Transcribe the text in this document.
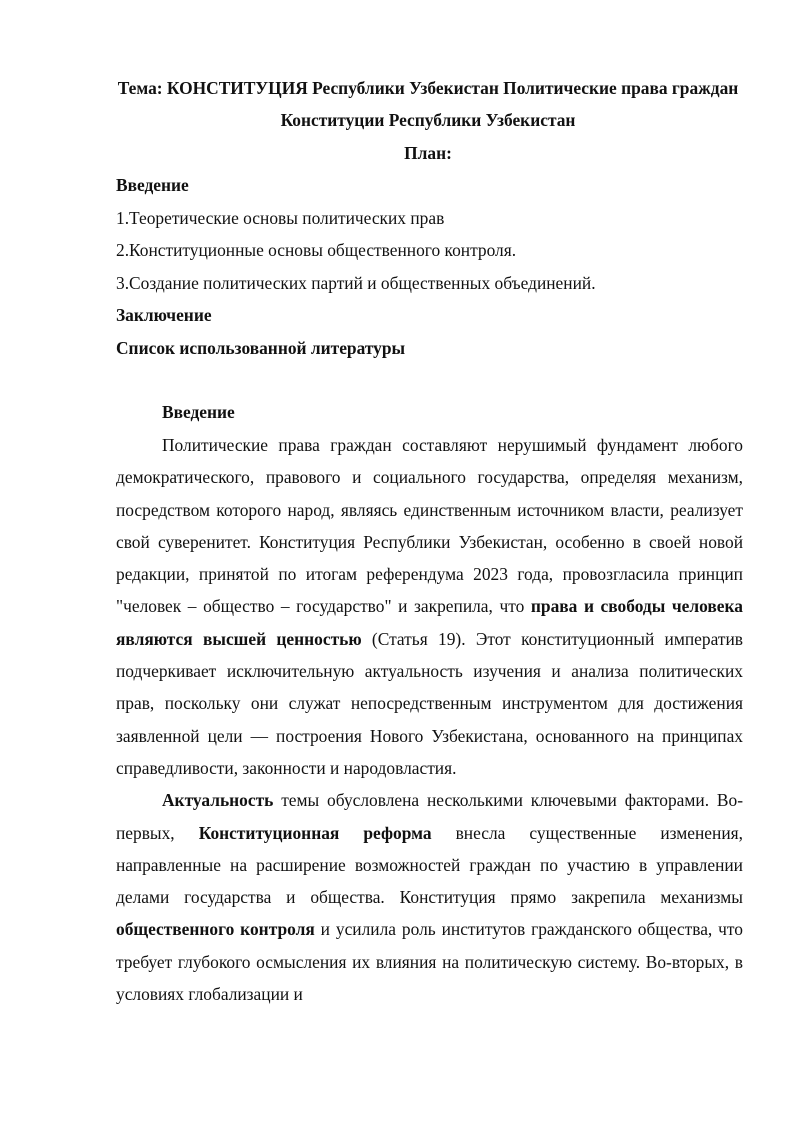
Тема: КОНСТИТУЦИЯ Республики Узбекистан Политические права граждан Конституции Республики Узбекистан
План:
Введение
1.Теоретические основы политических прав
2.Конституционные основы общественного контроля.
3.Создание политических партий и общественных объединений.
Заключение
Список использованной литературы
Введение

Политические права граждан составляют нерушимый фундамент любого демократического, правового и социального государства, определяя механизм, посредством которого народ, являясь единственным источником власти, реализует свой суверенитет. Конституция Республики Узбекистан, особенно в своей новой редакции, принятой по итогам референдума 2023 года, провозгласила принцип "человек – общество – государство" и закрепила, что права и свободы человека являются высшей ценностью (Статья 19). Этот конституционный императив подчеркивает исключительную актуальность изучения и анализа политических прав, поскольку они служат непосредственным инструментом для достижения заявленной цели — построения Нового Узбекистана, основанного на принципах справедливости, законности и народовластия.

Актуальность темы обусловлена несколькими ключевыми факторами. Во-первых, Конституционная реформа внесла существенные изменения, направленные на расширение возможностей граждан по участию в управлении делами государства и общества. Конституция прямо закрепила механизмы общественного контроля и усилила роль институтов гражданского общества, что требует глубокого осмысления их влияния на политическую систему. Во-вторых, в условиях глобализации и
